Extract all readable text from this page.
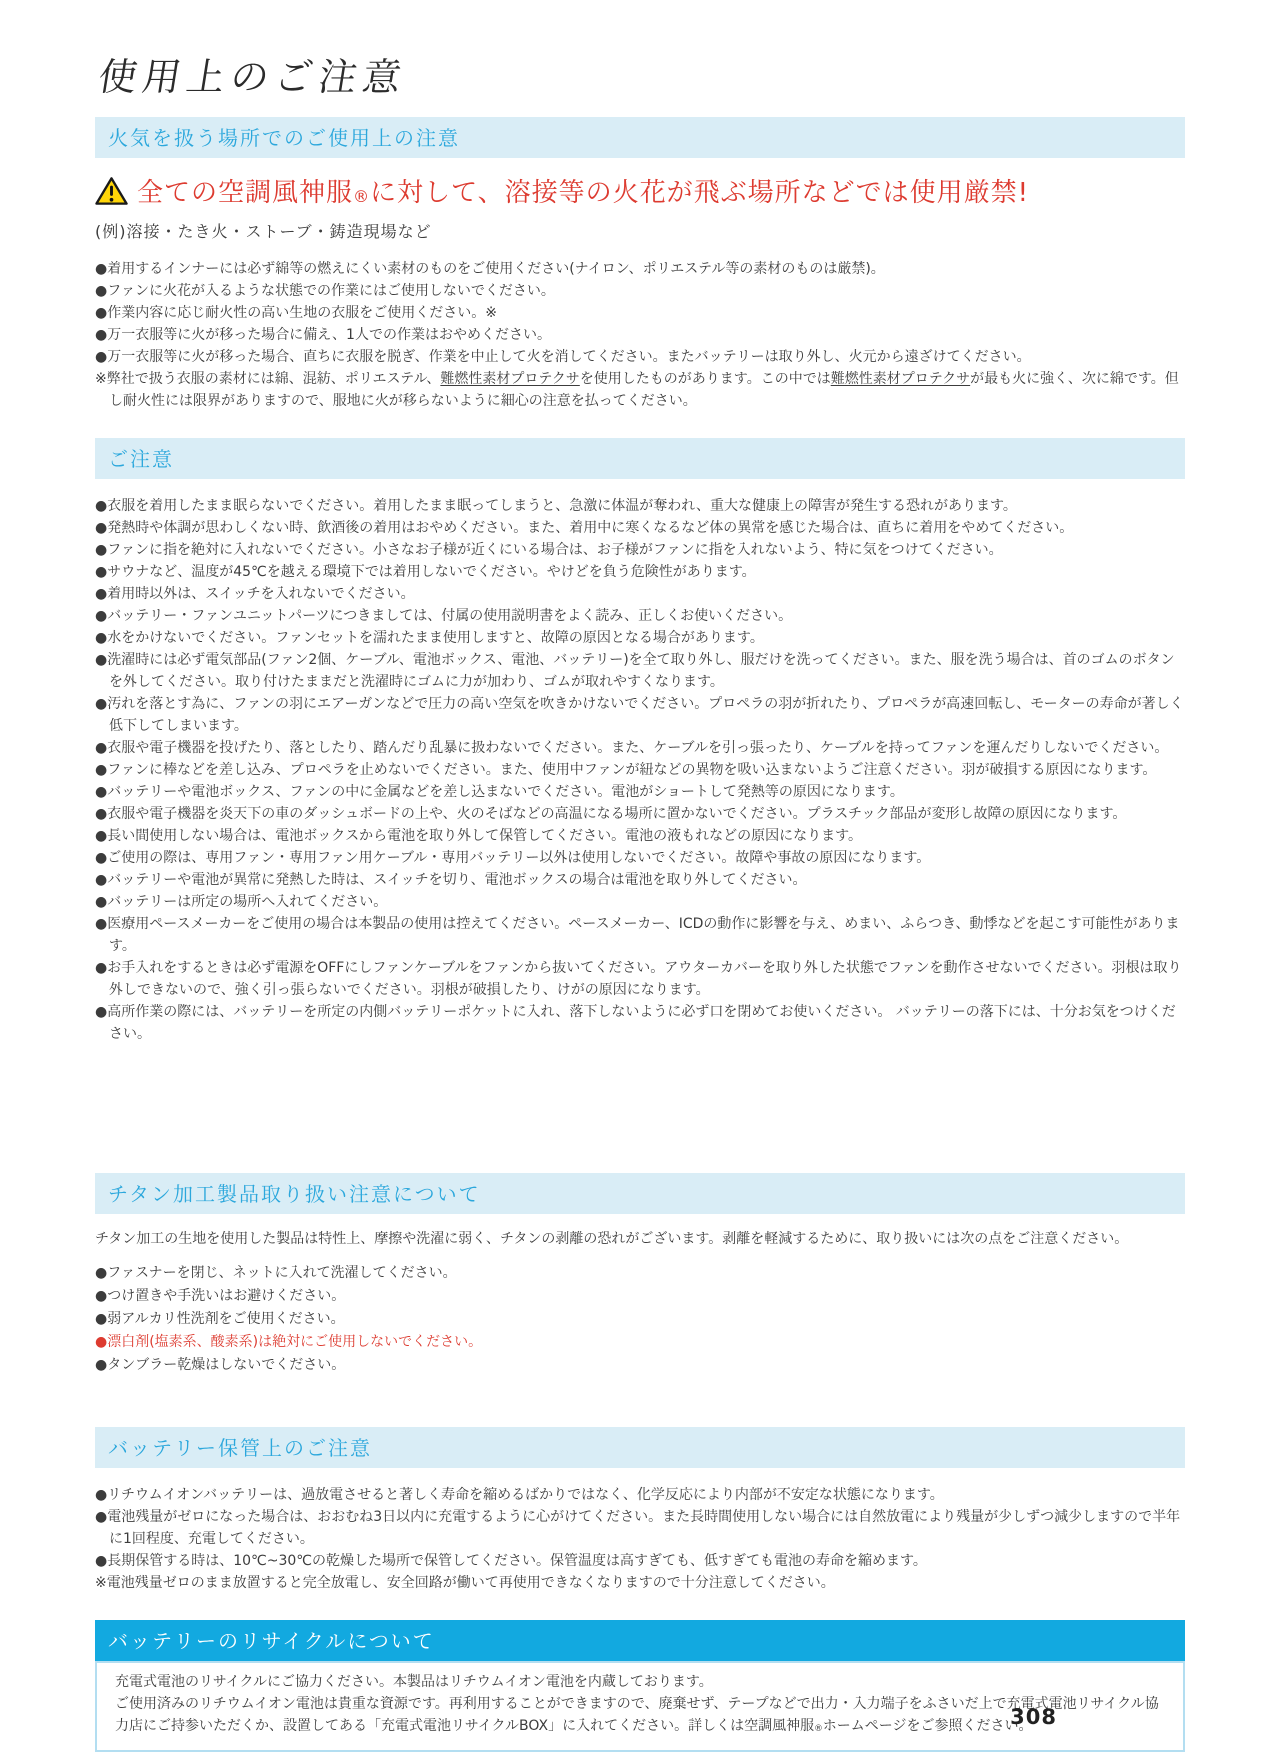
使用上のご注意
火気を扱う場所でのご使用上の注意
全ての空調風神服®に対して、溶接等の火花が飛ぶ場所などでは使用厳禁!

(例)溶接・たき火・ストーブ・鋳造現場など

●着用するインナーには必ず綿等の燃えにくい素材のものをご使用ください(ナイロン、ポリエステル等の素材のものは厳禁)。
●ファンに火花が入るような状態での作業にはご使用しないでください。
●作業内容に応じ耐火性の高い生地の衣服をご使用ください。※
●万一衣服等に火が移った場合に備え、1人での作業はおやめください。
●万一衣服等に火が移った場合、直ちに衣服を脱ぎ、作業を中止して火を消してください。またバッテリーは取り外し、火元から遠ざけてください。
※弊社で扱う衣服の素材には綿、混紡、ポリエステル、難燃性素材プロテクサを使用したものがあります。この中では難燃性素材プロテクサが最も火に強く、次に綿です。但し耐火性には限界がありますので、服地に火が移らないように細心の注意を払ってください。
ご注意
●衣服を着用したまま眠らないでください。着用したまま眠ってしまうと、急激に体温が奪われ、重大な健康上の障害が発生する恐れがあります。
●発熱時や体調が思わしくない時、飲酒後の着用はおやめください。また、着用中に寒くなるなど体の異常を感じた場合は、直ちに着用をやめてください。
●ファンに指を絶対に入れないでください。小さなお子様が近くにいる場合は、お子様がファンに指を入れないよう、特に気をつけてください。
●サウナなど、温度が45℃を越える環境下では着用しないでください。やけどを負う危険性があります。
●着用時以外は、スイッチを入れないでください。
●バッテリー・ファンユニットパーツにつきましては、付属の使用説明書をよく読み、正しくお使いください。
●水をかけないでください。ファンセットを濡れたまま使用しますと、故障の原因となる場合があります。
●洗濯時には必ず電気部品(ファン2個、ケーブル、電池ボックス、電池、バッテリー)を全て取り外し、服だけを洗ってください。また、服を洗う場合は、首のゴムのボタンを外してください。取り付けたままだと洗濯時にゴムに力が加わり、ゴムが取れやすくなります。
●汚れを落とす為に、ファンの羽にエアーガンなどで圧力の高い空気を吹きかけないでください。プロペラの羽が折れたり、プロペラが高速回転し、モーターの寿命が著しく低下してしまいます。
●衣服や電子機器を投げたり、落としたり、踏んだり乱暴に扱わないでください。また、ケーブルを引っ張ったり、ケーブルを持ってファンを運んだりしないでください。
●ファンに棒などを差し込み、プロペラを止めないでください。また、使用中ファンが紐などの異物を吸い込まないようご注意ください。羽が破損する原因になります。
●バッテリーや電池ボックス、ファンの中に金属などを差し込まないでください。電池がショートして発熱等の原因になります。
●衣服や電子機器を炎天下の車のダッシュボードの上や、火のそばなどの高温になる場所に置かないでください。プラスチック部品が変形し故障の原因になります。
●長い間使用しない場合は、電池ボックスから電池を取り外して保管してください。電池の液もれなどの原因になります。
●ご使用の際は、専用ファン・専用ファン用ケーブル・専用バッテリー以外は使用しないでください。故障や事故の原因になります。
●バッテリーや電池が異常に発熱した時は、スイッチを切り、電池ボックスの場合は電池を取り外してください。
●バッテリーは所定の場所へ入れてください。
●医療用ペースメーカーをご使用の場合は本製品の使用は控えてください。ペースメーカー、ICDの動作に影響を与え、めまい、ふらつき、動悸などを起こす可能性があります。
●お手入れをするときは必ず電源をOFFにしファンケーブルをファンから抜いてください。アウターカバーを取り外した状態でファンを動作させないでください。羽根は取り外しできないので、強く引っ張らないでください。羽根が破損したり、けがの原因になります。
●高所作業の際には、バッテリーを所定の内側バッテリーポケットに入れ、落下しないように必ず口を閉めてお使いください。 バッテリーの落下には、十分お気をつけください。
チタン加工製品取り扱い注意について

チタン加工の生地を使用した製品は特性上、摩擦や洗濯に弱く、チタンの剥離の恐れがございます。剥離を軽減するために、取り扱いには次の点をご注意ください。

●ファスナーを閉じ、ネットに入れて洗濯してください。
●つけ置きや手洗いはお避けください。
●弱アルカリ性洗剤をご使用ください。
●漂白剤(塩素系、酸素系)は絶対にご使用しないでください。
●タンブラー乾燥はしないでください。
バッテリー保管上のご注意
●リチウムイオンバッテリーは、過放電させると著しく寿命を縮めるばかりではなく、化学反応により内部が不安定な状態になります。
●電池残量がゼロになった場合は、おおむね3日以内に充電するように心がけてください。また長時間使用しない場合には自然放電により残量が少しずつ減少しますので半年に1回程度、充電してください。
●長期保管する時は、10℃~30℃の乾燥した場所で保管してください。保管温度は高すぎても、低すぎても電池の寿命を縮めます。
※電池残量ゼロのまま放置すると完全放電し、安全回路が働いて再使用できなくなりますので十分注意してください。
バッテリーのリサイクルについて
充電式電池のリサイクルにご協力ください。本製品はリチウムイオン電池を内蔵しております。
ご使用済みのリチウムイオン電池は貴重な資源です。再利用することができますので、廃棄せず、テープなどで出力・入力端子をふさいだ上で充電式電池リサイクル協力店にご持参いただくか、設置してある「充電式電池リサイクルBOX」に入れてください。詳しくは空調風神服®ホームページをご参照ください。
308
